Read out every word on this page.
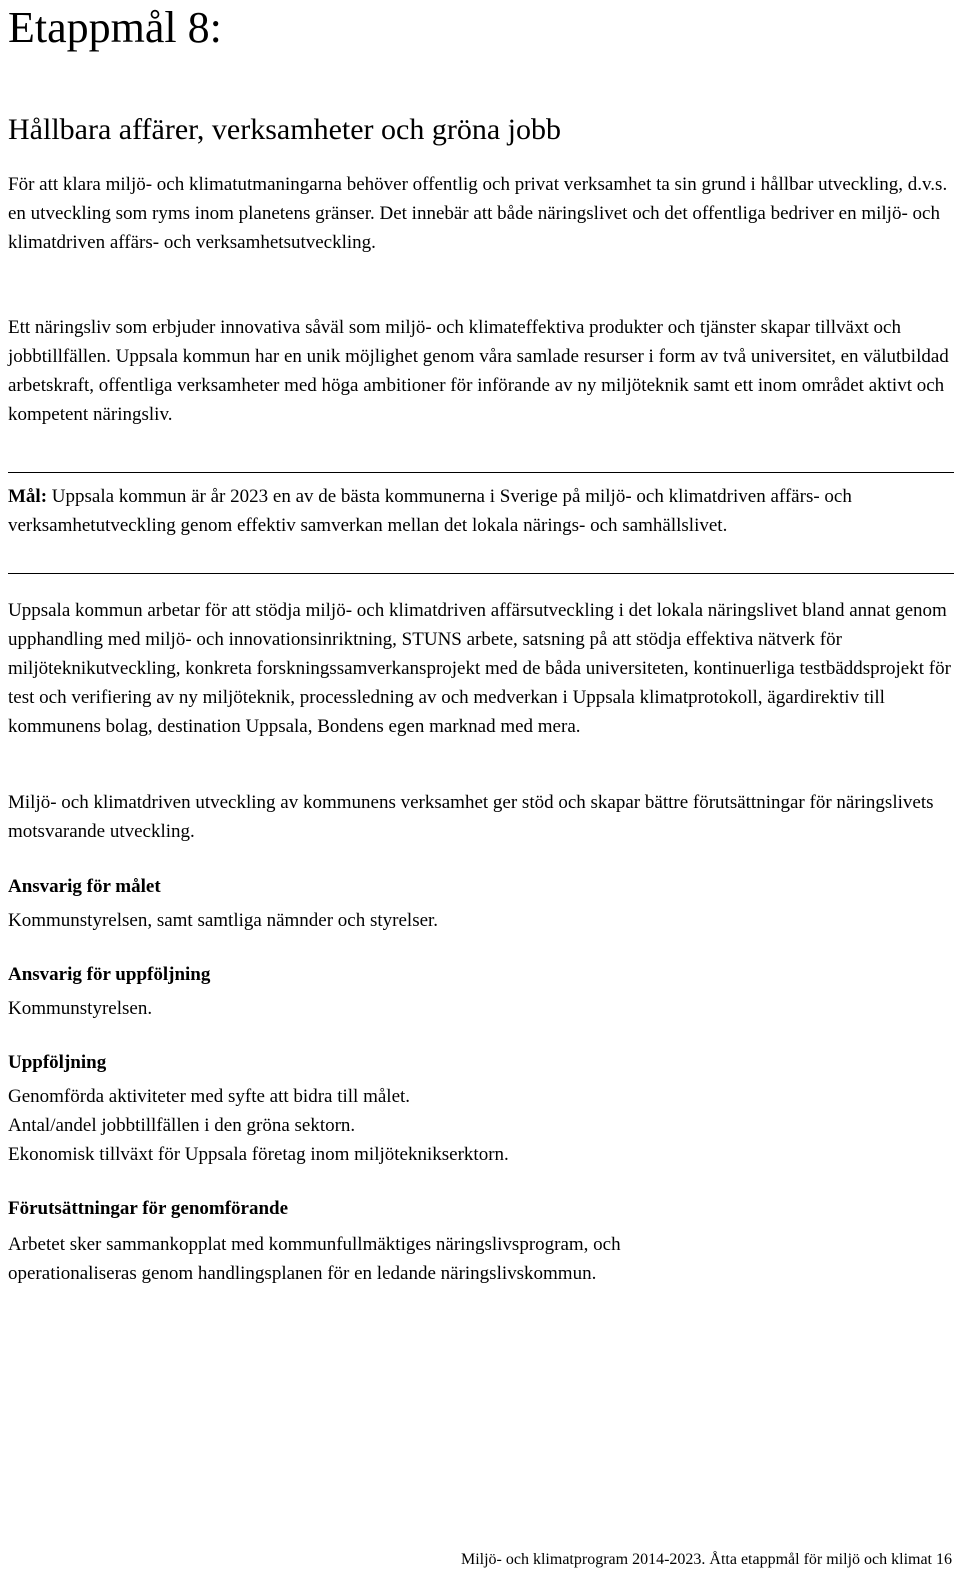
Etappmål 8:
Hållbara affärer, verksamheter och gröna jobb

För att klara miljö- och klimatutmaningarna behöver offentlig och privat verksamhet ta sin grund i hållbar utveckling, d.v.s. en utveckling som ryms inom planetens gränser. Det innebär att både näringslivet och det offentliga bedriver en miljö- och klimatdriven affärs- och verksamhetsutveckling.

Ett näringsliv som erbjuder innovativa såväl som miljö- och klimateffektiva produkter och tjänster skapar tillväxt och jobbtillfällen. Uppsala kommun har en unik möjlighet genom våra samlade resurser i form av två universitet, en välutbildad arbetskraft, offentliga verksamheter med höga ambitioner för införande av ny miljöteknik samt ett inom området aktivt och kompetent näringsliv.

Mål: Uppsala kommun är år 2023 en av de bästa kommunerna i Sverige på miljö- och klimatdriven affärs- och verksamhetutveckling genom effektiv samverkan mellan det lokala närings- och samhällslivet.

Uppsala kommun arbetar för att stödja miljö- och klimatdriven affärsutveckling i det lokala näringslivet bland annat genom upphandling med miljö- och innovationsinriktning, STUNS arbete, satsning på att stödja effektiva nätverk för miljöteknikutveckling, konkreta forskningssamverkansprojekt med de båda universiteten, kontinuerliga testbäddsprojekt för test och verifiering av ny miljöteknik, processledning av och medverkan i Uppsala klimatprotokoll, ägardirektiv till kommunens bolag, destination Uppsala, Bondens egen marknad med mera.

Miljö- och klimatdriven utveckling av kommunens verksamhet ger stöd och skapar bättre förutsättningar för näringslivets motsvarande utveckling.

Ansvarig för målet

Kommunstyrelsen, samt samtliga nämnder och styrelser.

Ansvarig för uppföljning

Kommunstyrelsen.

Uppföljning

Genomförda aktiviteter med syfte att bidra till målet.

Antal/andel jobbtillfällen i den gröna sektorn.

Ekonomisk tillväxt för Uppsala företag inom miljöteknikserktorn.

Förutsättningar för genomförande

Arbetet sker sammankopplat med kommunfullmäktiges näringslivsprogram, och

operationaliseras genom handlingsplanen för en ledande näringslivskommun.

Miljö- och klimatprogram 2014-2023. Åtta etappmål för miljö och klimat 16
